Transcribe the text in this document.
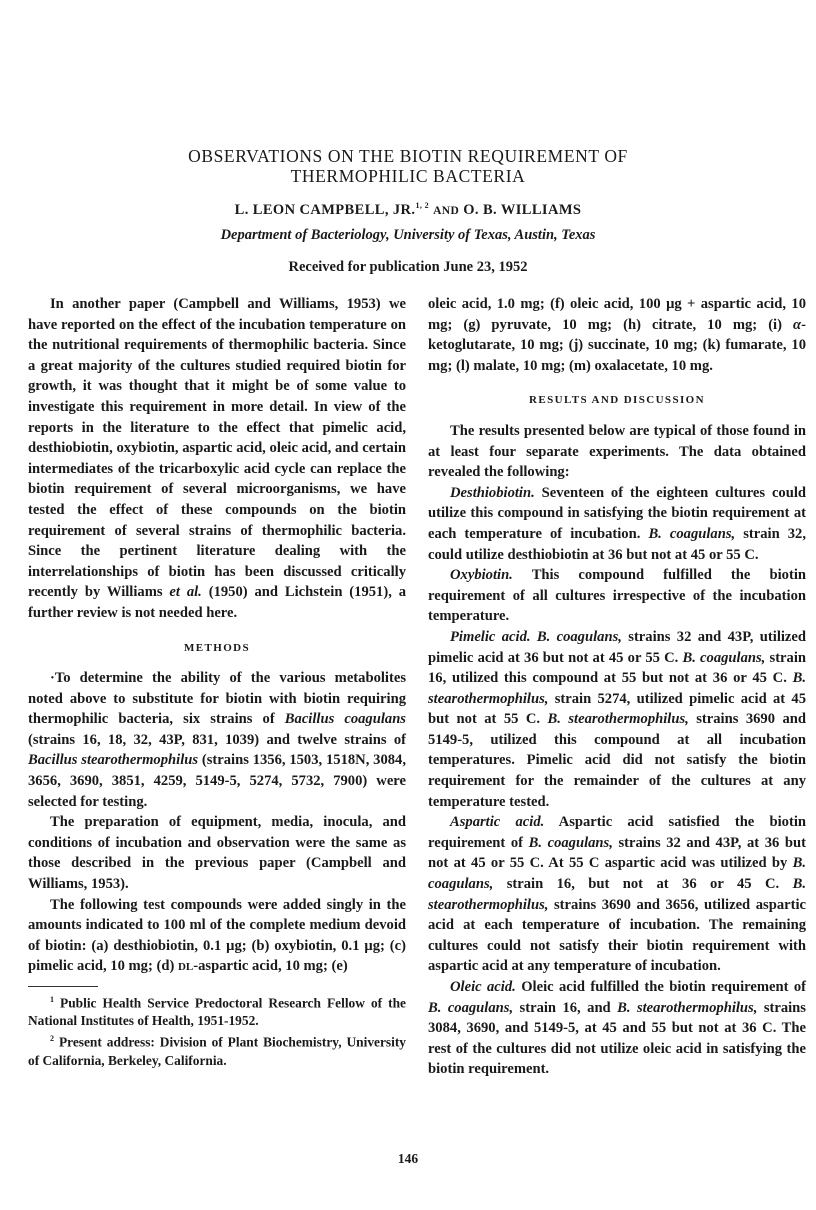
OBSERVATIONS ON THE BIOTIN REQUIREMENT OF
THERMOPHILIC BACTERIA
L. LEON CAMPBELL, JR.$^{1, 2}$ AND O. B. WILLIAMS
Department of Bacteriology, University of Texas, Austin, Texas
Received for publication June 23, 1952

In another paper (Campbell and Williams, 1953) we have reported on the effect of the incubation temperature on the nutritional requirements of thermophilic bacteria. Since a great majority of the cultures studied required biotin for growth, it was thought that it might be of some value to investigate this requirement in more detail. In view of the reports in the literature to the effect that pimelic acid, desthiobiotin, oxybiotin, aspartic acid, oleic acid, and certain intermediates of the tricarboxylic acid cycle can replace the biotin requirement of several microorganisms, we have tested the effect of these compounds on the biotin requirement of several strains of thermophilic bacteria. Since the pertinent literature dealing with the interrelationships of biotin has been discussed critically recently by Williams et al. (1950) and Lichstein (1951), a further review is not needed here.

METHODS

·To determine the ability of the various metabolites noted above to substitute for biotin with biotin requiring thermophilic bacteria, six strains of Bacillus coagulans (strains 16, 18, 32, 43P, 831, 1039) and twelve strains of Bacillus stearothermophilus (strains 1356, 1503, 1518N, 3084, 3656, 3690, 3851, 4259, 5149-5, 5274, 5732, 7900) were selected for testing.

The preparation of equipment, media, inocula, and conditions of incubation and observation were the same as those described in the previous paper (Campbell and Williams, 1953).

The following test compounds were added singly in the amounts indicated to 100 ml of the complete medium devoid of biotin: (a) desthiobiotin, 0.1 μg; (b) oxybiotin, 0.1 μg; (c) pimelic acid, 10 mg; (d) DL-aspartic acid, 10 mg; (e)

$^1$ Public Health Service Predoctoral Research Fellow of the National Institutes of Health, 1951-1952.

$^2$ Present address: Division of Plant Biochemistry, University of California, Berkeley, California.

oleic acid, 1.0 mg; (f) oleic acid, 100 μg + aspartic acid, 10 mg; (g) pyruvate, 10 mg; (h) citrate, 10 mg; (i) α-ketoglutarate, 10 mg; (j) succinate, 10 mg; (k) fumarate, 10 mg; (l) malate, 10 mg; (m) oxalacetate, 10 mg.

RESULTS AND DISCUSSION

The results presented below are typical of those found in at least four separate experiments. The data obtained revealed the following:

Desthiobiotin. Seventeen of the eighteen cultures could utilize this compound in satisfying the biotin requirement at each temperature of incubation. B. coagulans, strain 32, could utilize desthiobiotin at 36 but not at 45 or 55 C.

Oxybiotin. This compound fulfilled the biotin requirement of all cultures irrespective of the incubation temperature.

Pimelic acid. B. coagulans, strains 32 and 43P, utilized pimelic acid at 36 but not at 45 or 55 C. B. coagulans, strain 16, utilized this compound at 55 but not at 36 or 45 C. B. stearothermophilus, strain 5274, utilized pimelic acid at 45 but not at 55 C. B. stearothermophilus, strains 3690 and 5149-5, utilized this compound at all incubation temperatures. Pimelic acid did not satisfy the biotin requirement for the remainder of the cultures at any temperature tested.

Aspartic acid. Aspartic acid satisfied the biotin requirement of B. coagulans, strains 32 and 43P, at 36 but not at 45 or 55 C. At 55 C aspartic acid was utilized by B. coagulans, strain 16, but not at 36 or 45 C. B. stearothermophilus, strains 3690 and 3656, utilized aspartic acid at each temperature of incubation. The remaining cultures could not satisfy their biotin requirement with aspartic acid at any temperature of incubation.

Oleic acid. Oleic acid fulfilled the biotin requirement of B. coagulans, strain 16, and B. stearothermophilus, strains 3084, 3690, and 5149-5, at 45 and 55 but not at 36 C. The rest of the cultures did not utilize oleic acid in satisfying the biotin requirement.

146
